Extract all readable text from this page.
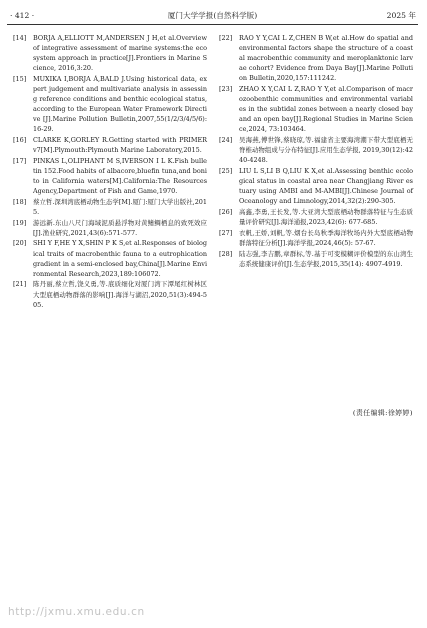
· 412 ·	厦门大学学报(自然科学版)	2025 年
[14] BORJA A,ELLIOTT M,ANDERSEN J H,et al.Overview of integrative assessment of marine systems:the ecosystem approach in practice[J].Frontiers in Marine Science, 2016,3:20.
[15] MUXIKA I,BORJA Á,BALD J.Using historical data, expert judgement and multivariate analysis in assessing reference conditions and benthic ecological status, according to the European Water Framework Directive [J].Marine Pollution Bulletin,2007,55(1/2/3/4/5/6): 16-29.
[16] CLARKE K,GORLEY R.Getting started with PRIMER v7[M].Plymouth:Plymouth Marine Laboratory,2015.
[17] PINKAS L,OLIPHANT M S,IVERSON I L K.Fish bulletin 152.Food habits of albacore,bluefin tuna,and bonito in California waters[M].California:The Resources Agency,Department of Fish and Game,1970.
[18] 蔡立哲.深圳湾底栖动物生态学[M].厦门:厦门大学出版社,2015.
[19] 游远新.东山八尺门海域泥质悬浮物对黄鳍鲷栖息的致死效应[J].渔业研究,2021,43(6):571-577.
[20] SHI Y F,HE Y X,SHIN P K S,et al.Responses of biological traits of macrobenthic fauna to a eutrophication gradient in a semi-enclosed bay,China[J].Marine Environmental Research,2023,189:106072.
[21] 陈丹丽,蔡立哲,饶义勇,等.底质细化对厦门湾下潭尾红树林区大型底栖动物群落的影响[J].海洋与湖沼,2020,51(3):494-505.
[22] RAO Y Y,CAI L Z,CHEN B W,et al.How do spatial and environmental factors shape the structure of a coastal macrobenthic community and meroplanktonic larvae cohort? Evidence from Daya Bay[J].Marine Pollution Bulletin,2020,157:111242.
[23] ZHAO X Y,CAI L Z,RAO Y Y,et al.Comparison of macrozoobenthic communities and environmental variables in the subtidal zones between a nearly closed bay and an open bay[J].Regional Studies in Marine Science,2024, 73:103464.
[24] 吴海燕,傅世锋,蔡晓琼,等.福建省主要海湾潮下带大型底栖无脊椎动物组成与分布特征[J].应用生态学报, 2019,30(12):4240-4248.
[25] LIU L S,LI B Q,LIU K X,et al.Assessing benthic ecological status in coastal area near Changjiang River estuary using AMBI and M-AMBI[J].Chinese Journal of Oceanology and Limnology,2014,32(2):290-305.
[26] 高鑫,李勇,王长发,等.大亚湾大型底栖动物群落特征与生态质量评价研究[J].海洋通报,2023,42(6): 677-685.
[27] 衣帆,王娇,刘帆,等.烟台长岛秋季海洋牧场内外大型底栖动物群落特征分析[J].海洋学报,2024,46(5): 57-67.
[28] 陆志强,李吉鹏,章群标,等.基于可变模糊评价模型的东山湾生态系统健康评价[J].生态学报,2015,35(14): 4907-4919.
(责任编辑:徐婷婷)
http://jxmu.xmu.edu.cn
